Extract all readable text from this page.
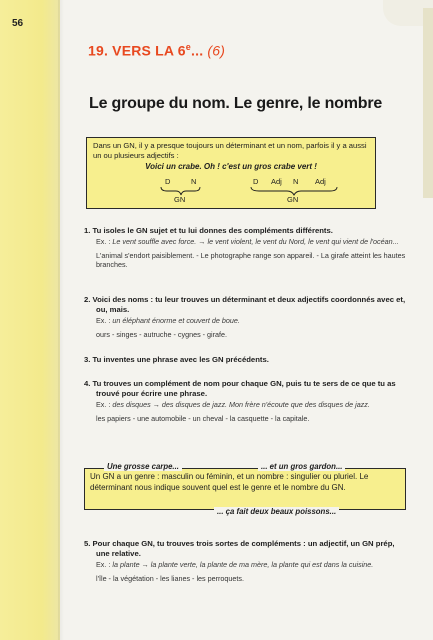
56
19. VERS LA 6e... (6)
Le groupe du nom. Le genre, le nombre
Dans un GN, il y a presque toujours un déterminant et un nom, parfois il y a aussi un ou plusieurs adjectifs :
Voici un crabe. Oh ! c'est un gros crabe vert !
D	N
GN
D Adj N Adj
GN
1. Tu isoles le GN sujet et tu lui donnes des compléments différents.
Ex. : Le vent souffle avec force. → le vent violent, le vent du Nord, le vent qui vient de l'océan...
L'animal s'endort paisiblement. - Le photographe range son appareil. - La girafe atteint les hautes branches.
2. Voici des noms : tu leur trouves un déterminant et deux adjectifs coordonnés avec et, ou, mais.
Ex. : un éléphant énorme et couvert de boue.
ours - singes - autruche - cygnes - girafe.
3. Tu inventes une phrase avec les GN précédents.
4. Tu trouves un complément de nom pour chaque GN, puis tu te sers de ce que tu as trouvé pour écrire une phrase.
Ex. : des disques → des disques de jazz. Mon frère n'écoute que des disques de jazz.
les papiers - une automobile - un cheval - la casquette - la capitale.
5. Pour chaque GN, tu trouves trois sortes de compléments : un adjectif, un GN prép, une relative.
Ex. : la plante → la plante verte, la plante de ma mère, la plante qui est dans la cuisine.
l'île - la végétation - les lianes - les perroquets.
Un GN a un genre : masculin ou féminin, et un nombre : singulier ou pluriel. Le déterminant nous indique souvent quel est le genre et le nombre du GN.
Une grosse carpe...	... et un gros gardon...
... ça fait deux beaux poissons...
